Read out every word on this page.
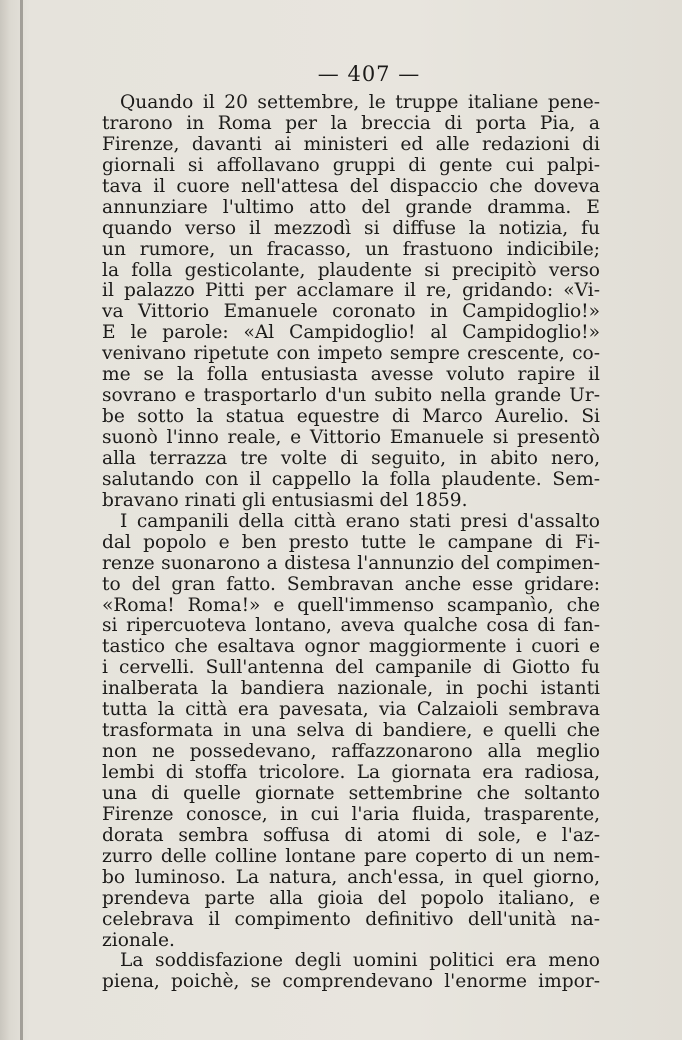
— 407 —
Quando il 20 settembre, le truppe italiane pene-
trarono in Roma per la breccia di porta Pia, a
Firenze, davanti ai ministeri ed alle redazioni di
giornali si affollavano gruppi di gente cui palpi-
tava il cuore nell'attesa del dispaccio che doveva
annunziare l'ultimo atto del grande dramma. E
quando verso il mezzodì si diffuse la notizia, fu
un rumore, un fracasso, un frastuono indicibile;
la folla gesticolante, plaudente si precipitò verso
il palazzo Pitti per acclamare il re, gridando: «Vi-
va Vittorio Emanuele coronato in Campidoglio!»
E le parole: «Al Campidoglio! al Campidoglio!»
venivano ripetute con impeto sempre crescente, co-
me se la folla entusiasta avesse voluto rapire il
sovrano e trasportarlo d'un subito nella grande Ur-
be sotto la statua equestre di Marco Aurelio. Si
suonò l'inno reale, e Vittorio Emanuele si presentò
alla terrazza tre volte di seguito, in abito nero,
salutando con il cappello la folla plaudente. Sem-
bravano rinati gli entusiasmi del 1859.
I campanili della città erano stati presi d'assalto
dal popolo e ben presto tutte le campane di Fi-
renze suonarono a distesa l'annunzio del compimen-
to del gran fatto. Sembravan anche esse gridare:
«Roma! Roma!» e quell'immenso scampanìo, che
si ripercuoteva lontano, aveva qualche cosa di fan-
tastico che esaltava ognor maggiormente i cuori e
i cervelli. Sull'antenna del campanile di Giotto fu
inalberata la bandiera nazionale, in pochi istanti
tutta la città era pavesata, via Calzaioli sembrava
trasformata in una selva di bandiere, e quelli che
non ne possedevano, raffazzonarono alla meglio
lembi di stoffa tricolore. La giornata era radiosa,
una di quelle giornate settembrine che soltanto
Firenze conosce, in cui l'aria fluida, trasparente,
dorata sembra soffusa di atomi di sole, e l'az-
zurro delle colline lontane pare coperto di un nem-
bo luminoso. La natura, anch'essa, in quel giorno,
prendeva parte alla gioia del popolo italiano, e
celebrava il compimento definitivo dell'unità na-
zionale.
La soddisfazione degli uomini politici era meno
piena, poichè, se comprendevano l'enorme impor-
